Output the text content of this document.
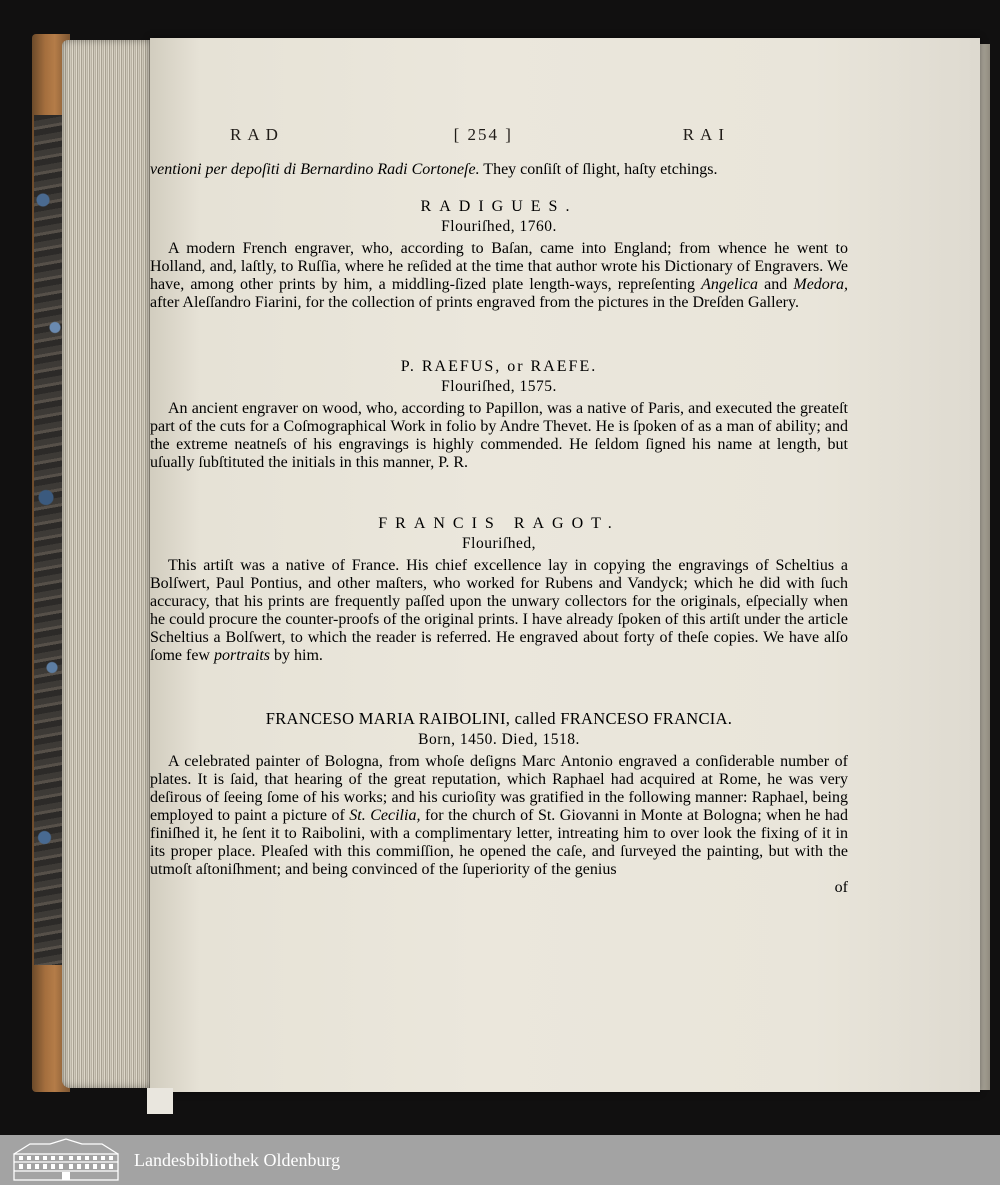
RAD	[ 254 ]	RAI

ventioni per depoſiti di Bernardino Radi Cortoneſe. They conſiſt of ſlight, haſty etchings.

RADIGUES.

Flouriſhed, 1760.

A modern French engraver, who, according to Baſan, came into England; from whence he went to Holland, and, laſtly, to Ruſſia, where he reſided at the time that author wrote his Dictionary of Engravers. We have, among other prints by him, a middling-ſized plate length-ways, repreſenting Angelica and Medora, after Aleſſandro Fiarini, for the collection of prints engraved from the pictures in the Dreſden Gallery.

P. RAEFUS, or RAEFE.

Flouriſhed, 1575.

An ancient engraver on wood, who, according to Papillon, was a native of Paris, and executed the greateſt part of the cuts for a Coſmographical Work in folio by Andre Thevet. He is ſpoken of as a man of ability; and the extreme neatneſs of his engravings is highly commended. He ſeldom ſigned his name at length, but uſually ſubſtituted the initials in this manner, P. R.

FRANCIS RAGOT.

Flouriſhed,

This artiſt was a native of France. His chief excellence lay in copying the engravings of Scheltius a Bolſwert, Paul Pontius, and other maſters, who worked for Rubens and Vandyck; which he did with ſuch accuracy, that his prints are frequently paſſed upon the unwary collectors for the originals, eſpecially when he could procure the counter-proofs of the original prints. I have already ſpoken of this artiſt under the article Scheltius a Bolſwert, to which the reader is referred. He engraved about forty of theſe copies. We have alſo ſome few portraits by him.

FRANCESO MARIA RAIBOLINI, called FRANCESO FRANCIA.

Born, 1450. Died, 1518.

A celebrated painter of Bologna, from whoſe deſigns Marc Antonio engraved a conſiderable number of plates. It is ſaid, that hearing of the great reputation, which Raphael had acquired at Rome, he was very deſirous of ſeeing ſome of his works; and his curioſity was gratified in the following manner: Raphael, being employed to paint a picture of St. Cecilia, for the church of St. Giovanni in Monte at Bologna; when he had finiſhed it, he ſent it to Raibolini, with a complimentary letter, intreating him to over look the fixing of it in its proper place. Pleaſed with this commiſſion, he opened the caſe, and ſurveyed the painting, but with the utmoſt aſtoniſhment; and being convinced of the ſuperiority of the genius

of

Landesbibliothek Oldenburg
